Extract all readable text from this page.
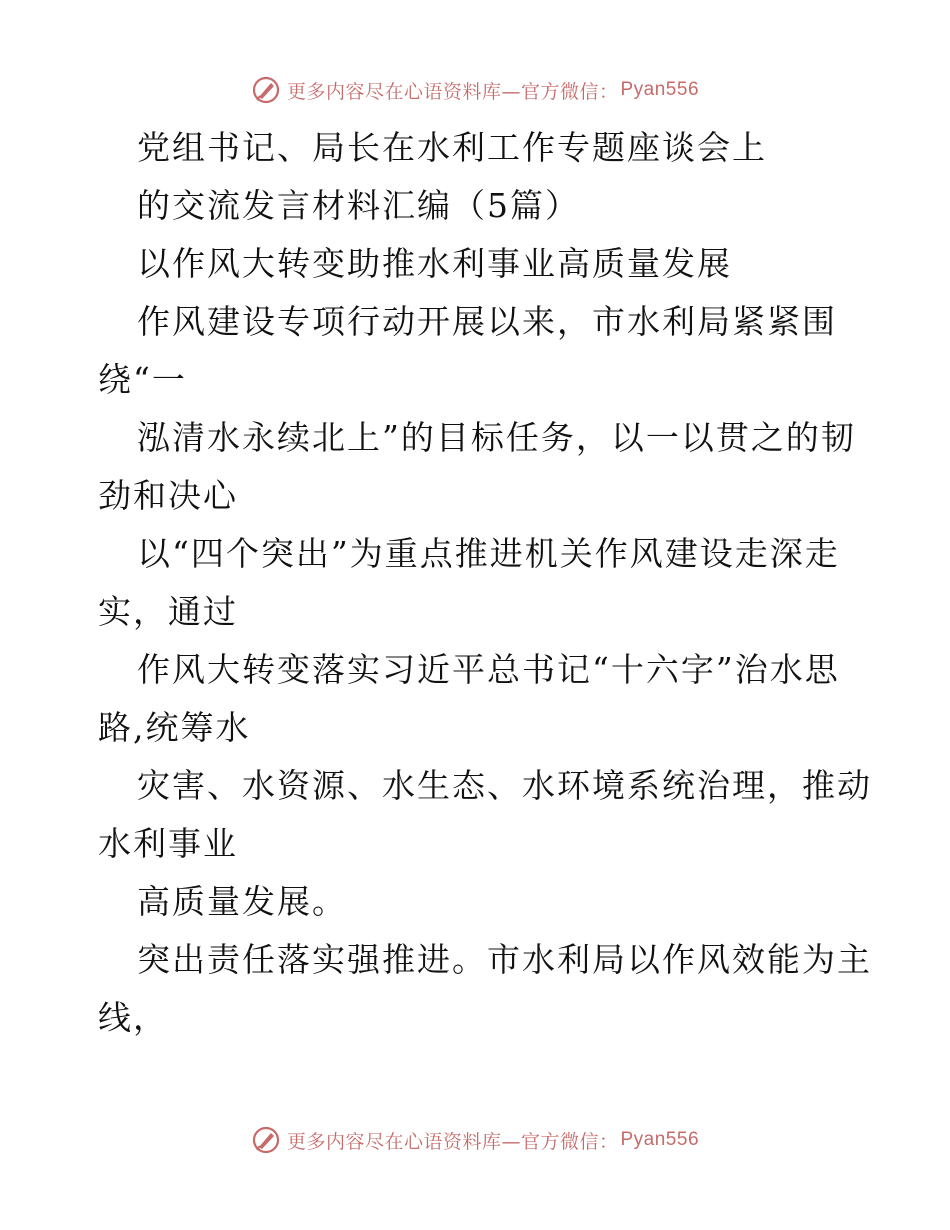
更多内容尽在心语资料库—官方微信： Pyan556
党组书记、局长在水利工作专题座谈会上
的交流发言材料汇编（5篇）
以作风大转变助推水利事业高质量发展
作风建设专项行动开展以来，市水利局紧紧围
绕“一
泓清水永续北上”的目标任务，以一以贯之的韧
劲和决心
以“四个突出”为重点推进机关作风建设走深走
实，通过
作风大转变落实习近平总书记“十六字”治水思
路,统筹水
灾害、水资源、水生态、水环境系统治理，推动
水利事业
高质量发展。
突出责任落实强推进。市水利局以作风效能为主
线，
更多内容尽在心语资料库—官方微信： Pyan556
